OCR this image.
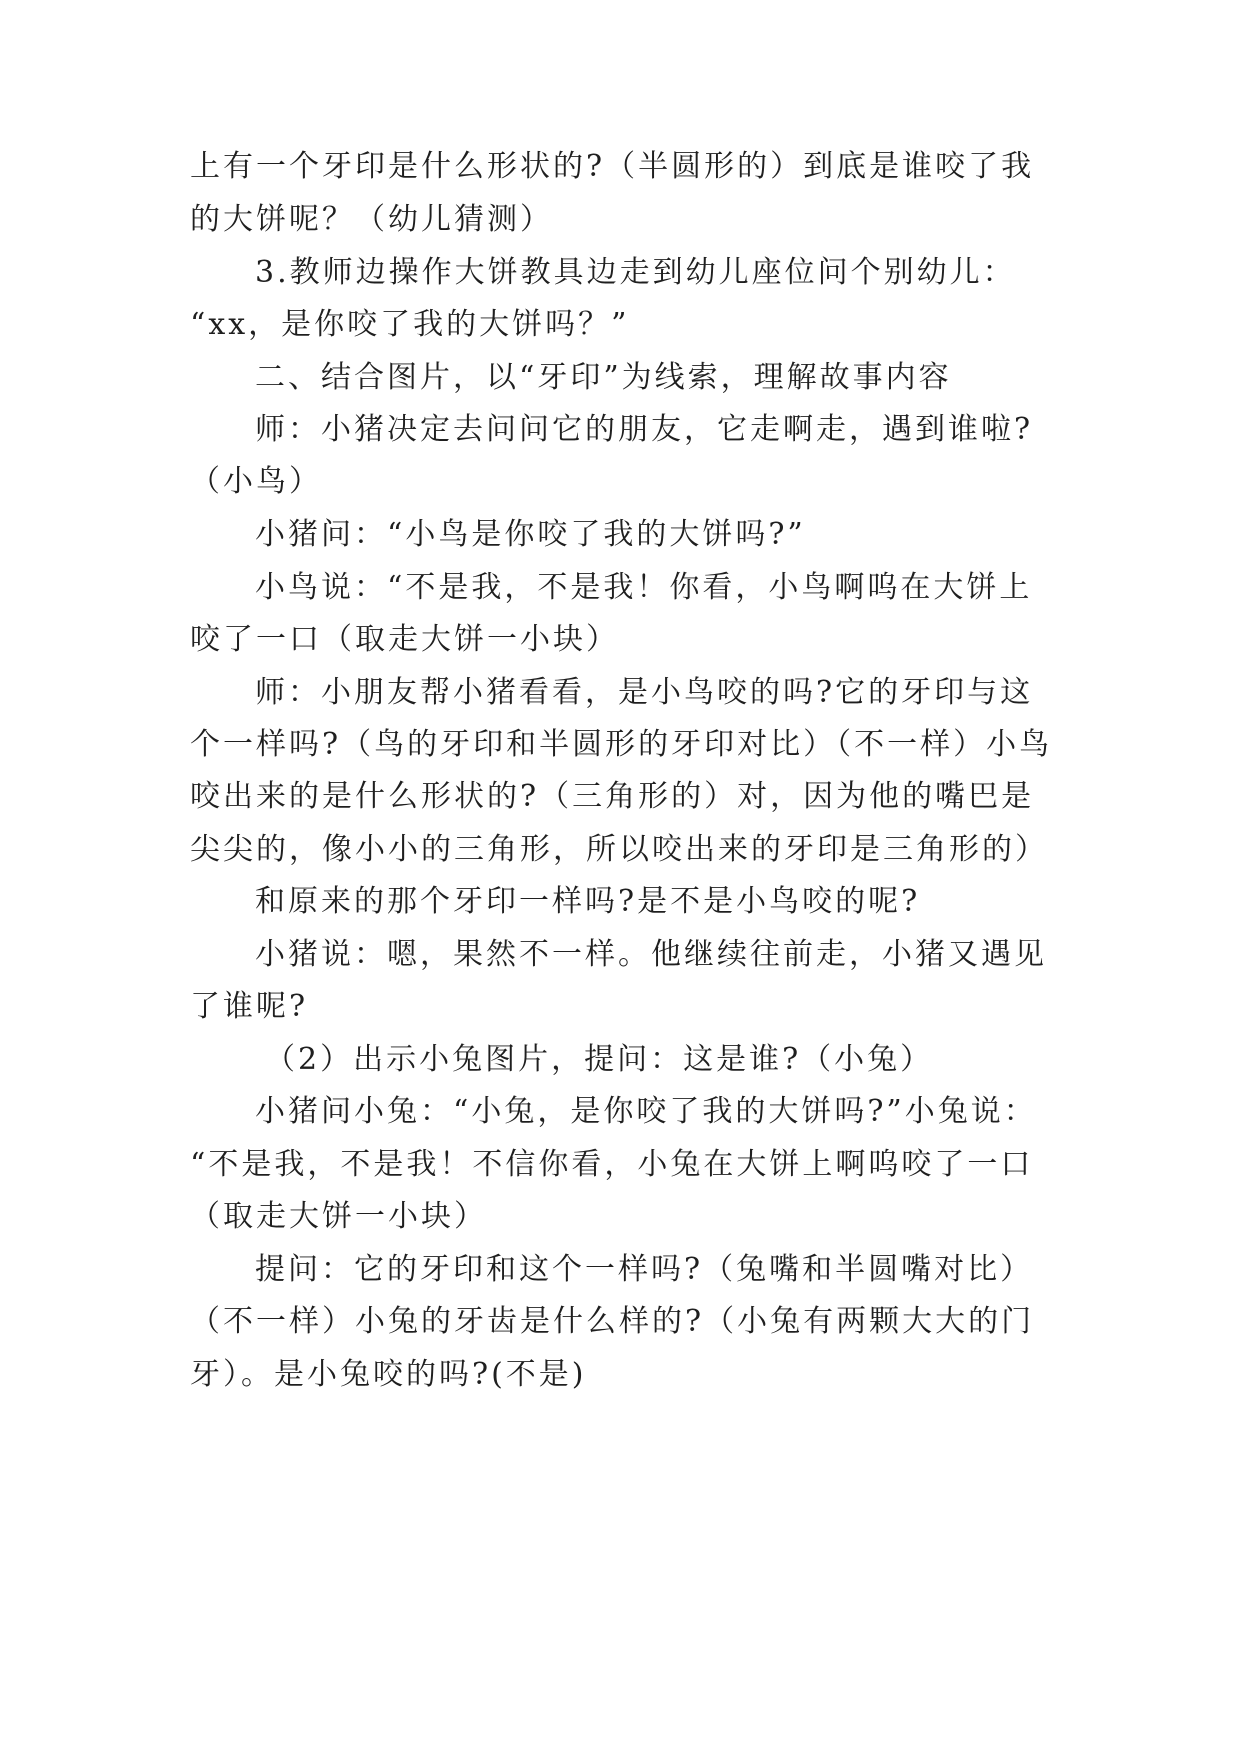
上有一个牙印是什么形状的?（半圆形的）到底是谁咬了我
的大饼呢？（幼儿猜测）
3.教师边操作大饼教具边走到幼儿座位问个别幼儿：
“xx，是你咬了我的大饼吗？”
二、结合图片，以“牙印”为线索，理解故事内容
师：小猪决定去问问它的朋友，它走啊走，遇到谁啦?
（小鸟）
小猪问：“小鸟是你咬了我的大饼吗?”
小鸟说：“不是我，不是我！你看，小鸟啊呜在大饼上
咬了一口（取走大饼一小块）
师：小朋友帮小猪看看，是小鸟咬的吗?它的牙印与这
个一样吗?（鸟的牙印和半圆形的牙印对比）（不一样）小鸟
咬出来的是什么形状的?（三角形的）对，因为他的嘴巴是
尖尖的，像小小的三角形，所以咬出来的牙印是三角形的）
和原来的那个牙印一样吗?是不是小鸟咬的呢?
小猪说：嗯，果然不一样。他继续往前走，小猪又遇见
了谁呢?
（2）出示小兔图片，提问：这是谁?（小兔）
小猪问小兔：“小兔，是你咬了我的大饼吗?”小兔说：
“不是我，不是我！不信你看，小兔在大饼上啊呜咬了一口
（取走大饼一小块）
提问：它的牙印和这个一样吗?（兔嘴和半圆嘴对比）
（不一样）小兔的牙齿是什么样的?（小兔有两颗大大的门
牙）。是小兔咬的吗?(不是)
